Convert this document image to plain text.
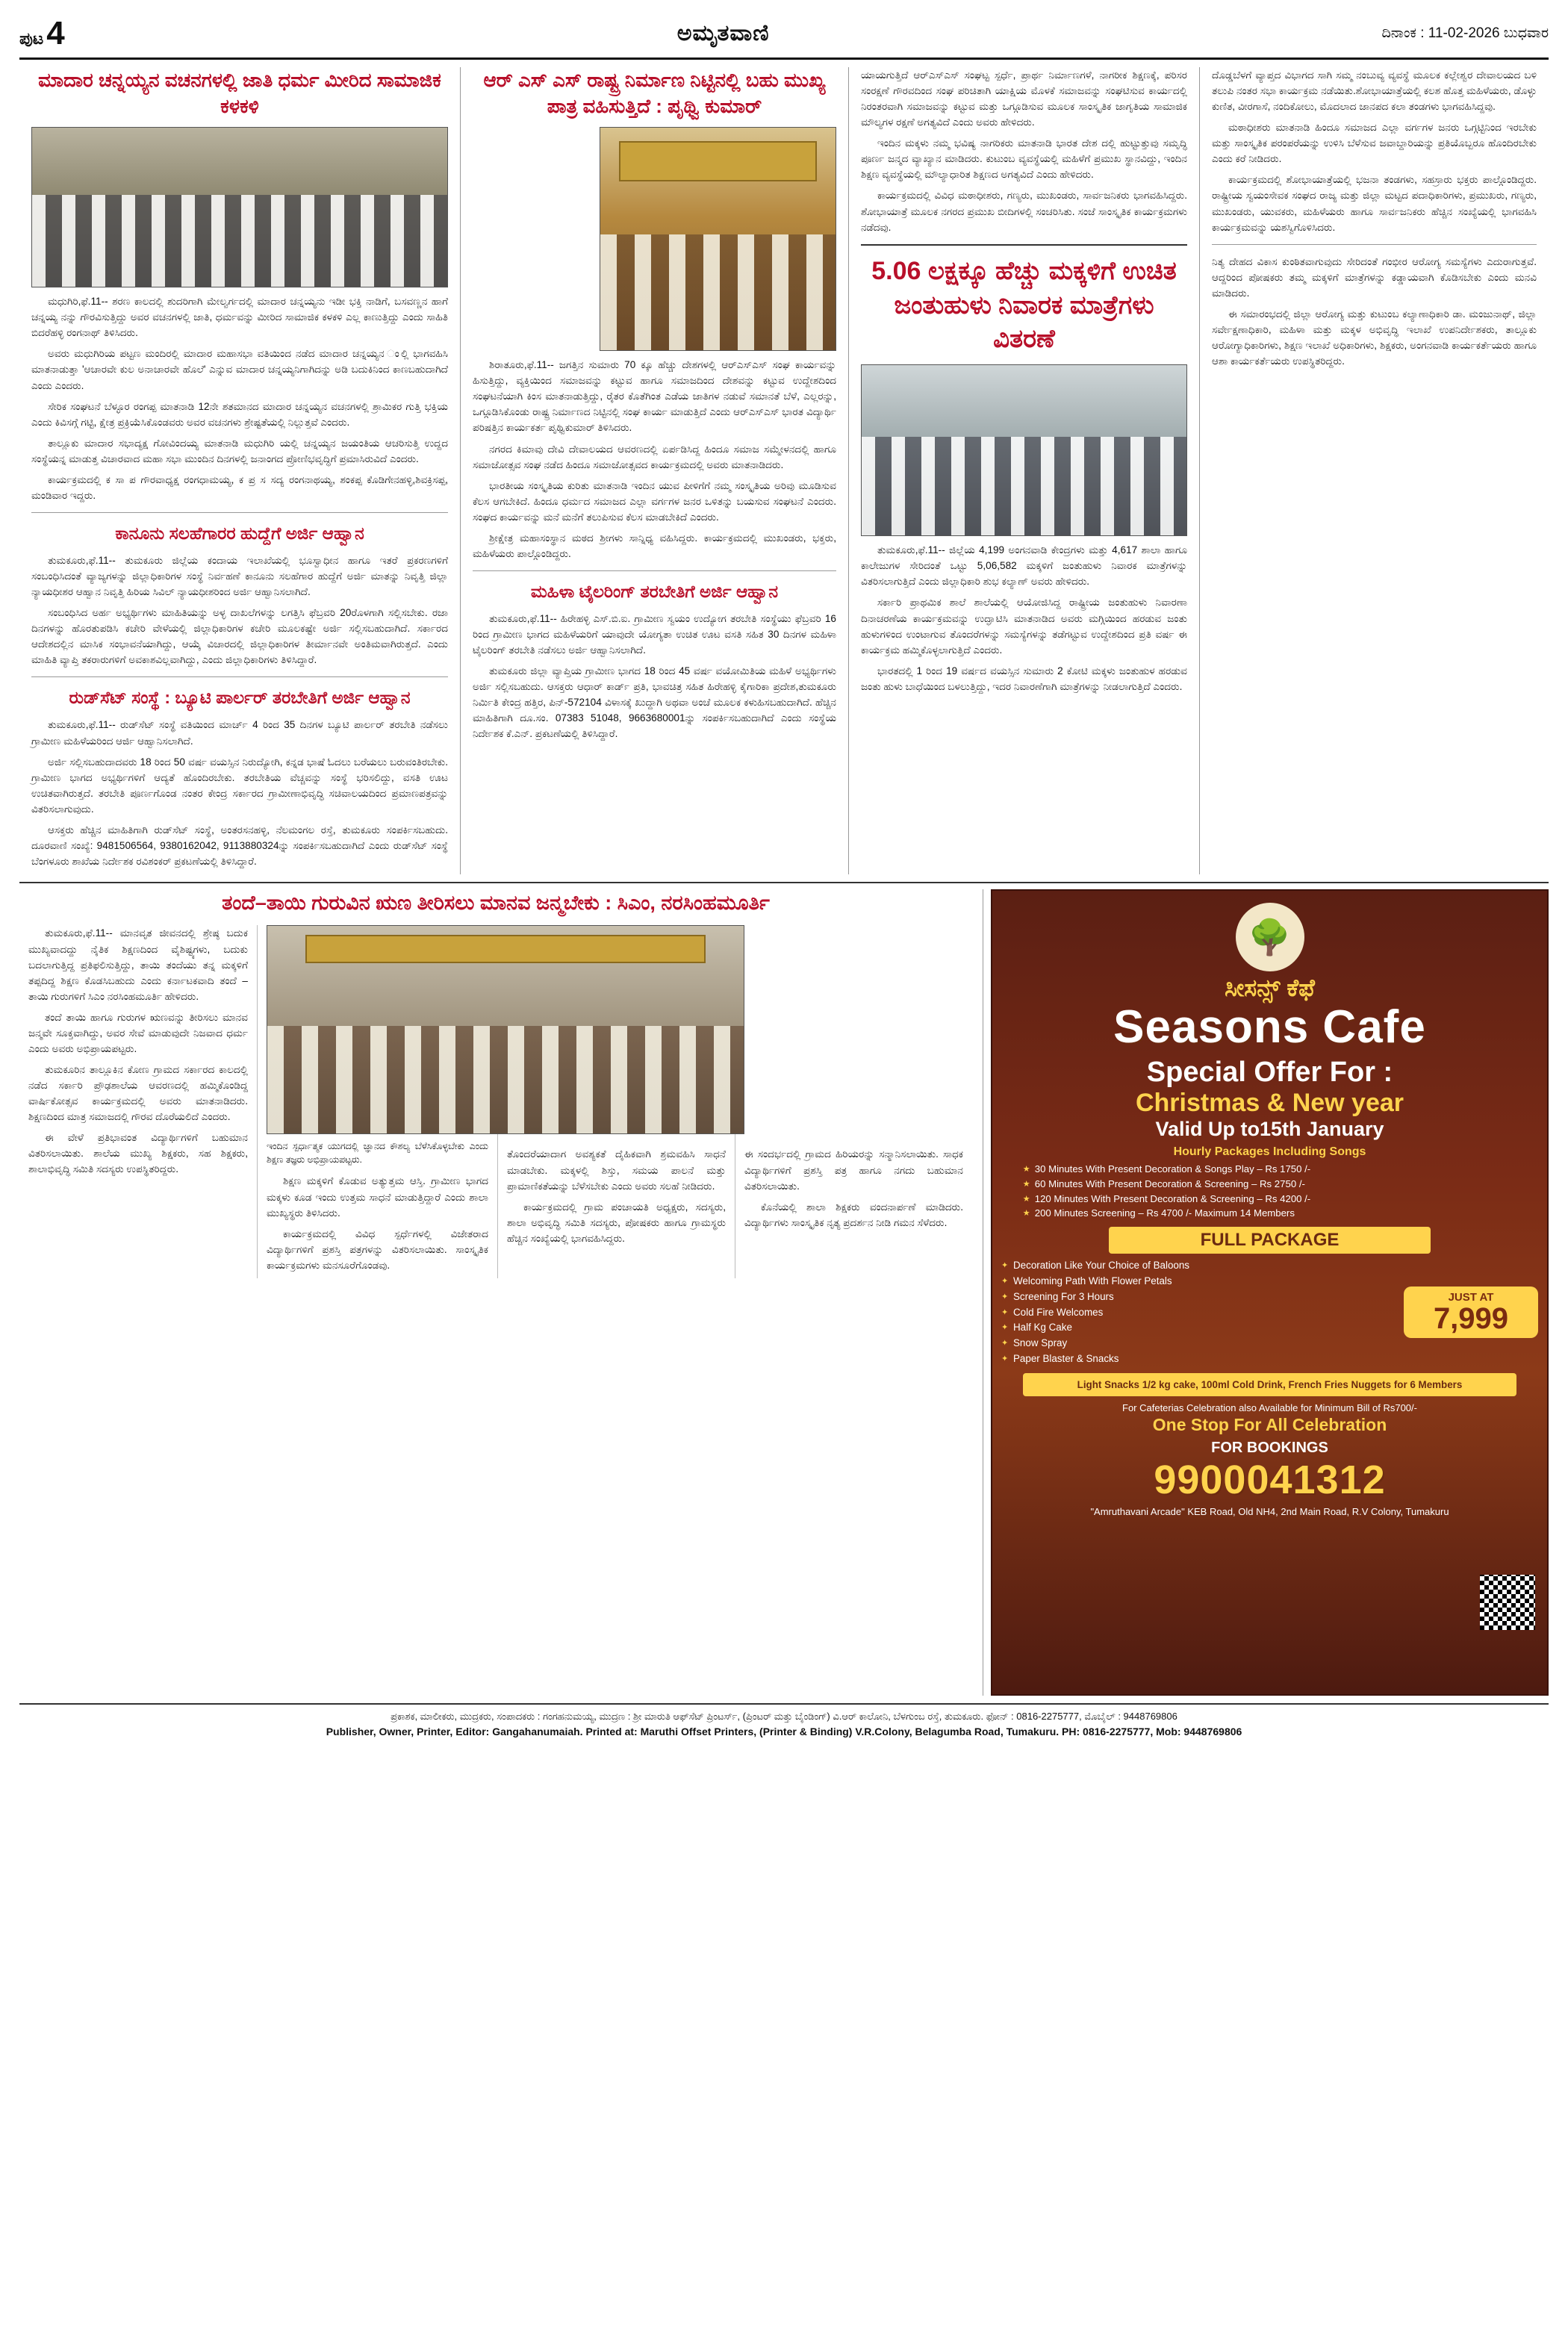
ಪುಟ 4	ಅಮೃತವಾಣಿ	ದಿನಾಂಕ : 11-02-2026 ಬುಧವಾರ
ಮಾದಾರ ಚನ್ನಯ್ಯನ ವಚನಗಳಲ್ಲಿ ಜಾತಿ ಧರ್ಮ ಮೀರಿದ ಸಾಮಾಜಿಕ ಕಳಕಳಿ

ಮಧುಗಿರಿ,ಫೆ.11-- ಶರಣ ಕಾಲದಲ್ಲಿ ಶುದರಿಗಾಗಿ ಮೇಲ್ವರ್ಗದಲ್ಲಿ ಮಾದಾರ ಚನ್ನಯ್ಯನು ಇಡೀ ಭಕ್ತಿ ನಾಡಿಗೆ, ಬಸವಣ್ಣನ ಹಾಗೆ ಚನ್ನಯ್ಯ ನನ್ನು ಗೌರವಿಸುತ್ತಿದ್ದು ಅವರ ವಚನಗಳಲ್ಲಿ ಜಾತಿ, ಧರ್ಮವನ್ನು ಮೀರಿದ ಸಾಮಾಜಿಕ ಕಳಕಳಿ ಎಲ್ಲ ಕಾಣುತ್ತಿದ್ದು ಎಂದು ಸಾಹಿತಿ ಬಿದರೆಹಳ್ಳಿ ರಂಗನಾಥ್ ತಿಳಿಸಿದರು.

ಅವರು ಮಧುಗಿರಿಯ ಪಟ್ಟಣ ಮಂದಿರಲ್ಲಿ ಮಾದಾರ ಮಹಾಸಭಾ ವತಿಯಿಂದ ನಡೆದ ಮಾದಾರ ಚನ್ನಯ್ಯನ ಂಲ್ಲಿ ಭಾಗವಹಿಸಿ ಮಾತನಾಡುತ್ತಾ 'ಆಚಾರವೇ ಕುಲ ಅನಾಚಾರವೇ ಹೊಲೆ' ಎನ್ನುವ ಮಾದಾರ ಚನ್ನಯ್ಯನಿಗಾಗಿದನ್ನು ಅಡಿ ಬದುಕಿನಿಂದ ಕಾಣಬಹುದಾಗಿದೆ ಎಂದು ಎಂದರು.

ಸೇರಿಕ ಸಂಘಟನೆ ಬೆಳ್ಳೂರ ರಂಗಪ್ಪ ಮಾತನಾಡಿ 12ನೇ ಶತಮಾನದ ಮಾದಾರ ಚನ್ನಯ್ಯನ ವಚನಗಳಲ್ಲಿ ಶ್ರಾಮಿಕರ ಗುತ್ತಿ ಭಕ್ತಿಯ ಎಂದು ಕಿವಿಸಗ್ಗೆ ಗಟ್ಟಿ, ಕ್ಷೇತ್ರ ಪ್ರಕ್ರಿಯೆಸಿಕೊಂಡವರು ಅವರ ವಚನಗಳು ಶ್ರೇಷ್ಟತೆಯಲ್ಲಿ ನಿಲ್ಲುತ್ತವೆ ಎಂದರು.

ತಾಲ್ಲೂಕು ಮಾದಾರ ಸಭಾದ್ಯಕ್ಷ ಗೋವಿಂದಯ್ಯ ಮಾತನಾಡಿ ಮಧುಗಿರಿ ಯಲ್ಲಿ ಚನ್ನಯ್ಯನ ಜಯಂತಿಯ ಆಚರಿಸುತ್ತಿ ಉದ್ದದ ಸಂಸ್ಥೆಯನ್ನ ಮಾಡುತ್ತ ವಿಚಾರವಾದ ಮಹಾ ಸಭಾ ಮುಂದಿನ ದಿನಗಳಲ್ಲಿ ಜನಾಂಗದ ಪ್ರೋಣಿಭವೃದ್ಧಿಗೆ ಪ್ರಮಾಸಿರುವಿದೆ ಎಂದರು.

ಕಾರ್ಯಕ್ರಮದಲ್ಲಿ ಕ ಸಾ ಪ ಗೌರವಾಧ್ಯಕ್ಷ ರಂಗಧಾಮಯ್ಯ, ಕ ಪ್ರ ಸ ಸದ್ಯ ರಂಗನಾಥಯ್ಯ, ಶಂಕಪ್ಪ ಕೊಡಿಗೇನಹಳ್ಳಿ,ಶಿವಕ್ರಿಸಪ್ಪ, ಮಂಡಿವಾರ ಇದ್ದರು.

ಕಾನೂನು ಸಲಹೆಗಾರರ ಹುದ್ದೆಗೆ ಅರ್ಜಿ ಆಹ್ವಾನ

ತುಮಕೂರು,ಫೆ.11-- ತುಮಕೂರು ಜಿಲ್ಲೆಯ ಕಂದಾಯ ಇಲಾಖೆಯಲ್ಲಿ ಭೂಸ್ವಾಧೀನ ಹಾಗೂ ಇತರೆ ಪ್ರಕರಣಗಳಿಗೆ ಸಂಬಂಧಿಸಿದಂತೆ ವ್ಯಾಜ್ಯಗಳನ್ನು ಜಿಲ್ಲಾಧಿಕಾರಿಗಳ ಸಂಸ್ಥೆ ನಿರ್ವಹಣೆ ಕಾನೂನು ಸಲಹೆಗಾರ ಹುದ್ದೆಗೆ ಅರ್ಜಿ ಮಾತನ್ನು ನಿವೃತ್ತಿ ಜಿಲ್ಲಾ ನ್ಯಾಯಧೀಶರ ಆಹ್ವಾನ ನಿವೃತ್ತಿ ಹಿರಿಯ ಸಿವಿಲ್ ನ್ಯಾಯಧೀಶರಿಂದ ಅರ್ಜಿ ಆಹ್ವಾನಿಸಲಾಗಿದೆ.

ಸಂಬಂಧಿಸಿದ ಅರ್ಹ ಅಭ್ಯರ್ಥಿಗಳು ಮಾಹಿತಿಯನ್ನು ಅಳ್ಳ ದಾಖಲೆಗಳನ್ನು ಲಗತ್ತಿಸಿ ಫೆಬ್ರವರಿ 20ರೊಳಗಾಗಿ ಸಲ್ಲಿಸಬೇಕು. ರಜಾ ದಿನಗಳನ್ನು ಹೊರತುಪಡಿಸಿ ಕಚೇರಿ ವೇಳೆಯಲ್ಲಿ ಜಿಲ್ಲಾಧಿಕಾರಿಗಳ ಕಚೇರಿ ಮೂಲಕಷ್ಟೇ ಅರ್ಜಿ ಸಲ್ಲಿಸಬಹುದಾಗಿದೆ. ಸರ್ಕಾರದ ಆದೇಶದಲ್ಲಿನ ಮಾಸಿಕ ಸಂಭಾವನೆಯಾಗಿದ್ದು, ಆಯ್ಕೆ ವಿಚಾರದಲ್ಲಿ ಜಿಲ್ಲಾಧಿಕಾರಿಗಳ ತೀರ್ಮಾನವೇ ಅಂತಿಮವಾಗಿರುತ್ತದೆ. ಎಂದು ಮಾಹಿತಿ ವ್ಯಾಪ್ತಿ ತಕರಾರುಗಳಿಗೆ ಅವಕಾಶವಿಲ್ಲವಾಗಿದ್ದು, ಎಂದು ಜಿಲ್ಲಾಧಿಕಾರಿಗಳು ತಿಳಿಸಿದ್ದಾರೆ.

ರುಡ್‌ಸೆಟ್ ಸಂಸ್ಥೆ : ಬ್ಯೂಟಿ ಪಾರ್ಲರ್ ತರಬೇತಿಗೆ ಅರ್ಜಿ ಆಹ್ವಾನ

ತುಮಕೂರು,ಫೆ.11-- ರುಡ್‌ಸೆಟ್ ಸಂಸ್ಥೆ ವತಿಯಿಂದ ಮಾರ್ಚ್ 4 ರಿಂದ 35 ದಿನಗಳ ಬ್ಯೂಟಿ ಪಾರ್ಲರ್ ತರಬೇತಿ ನಡೆಸಲು ಗ್ರಾಮೀಣ ಮಹಿಳೆಯರಿಂದ ಆರ್ಜಿ ಆಹ್ವಾನಿಸಲಾಗಿದೆ.

ಅರ್ಜಿ ಸಲ್ಲಿಸಬಹುದಾದವರು 18 ರಿಂದ 50 ವರ್ಷ ವಯಸ್ಸಿನ ನಿರುದ್ಯೋಗಿ, ಕನ್ನಡ ಭಾಷೆ ಓದಲು ಬರೆಯಲು ಬರುವಂತಿರಬೇಕು. ಗ್ರಾಮೀಣ ಭಾಗದ ಅಭ್ಯರ್ಥಿಗಳಿಗೆ ಆದ್ಯತೆ ಹೊಂದಿರಬೇಕು. ತರಬೇತಿಯ ವೆಚ್ಚವನ್ನು ಸಂಸ್ಥೆ ಭರಿಸಲಿದ್ದು, ವಸತಿ ಊಟ ಉಚಿತವಾಗಿರುತ್ತದೆ. ತರಬೇತಿ ಪೂರ್ಣಗೊಂಡ ನಂತರ ಕೇಂದ್ರ ಸರ್ಕಾರದ ಗ್ರಾಮೀಣಾಭಿವೃದ್ಧಿ ಸಚಿವಾಲಯದಿಂದ ಪ್ರಮಾಣಪತ್ರವನ್ನು ವಿತರಿಸಲಾಗುವುದು.

ಆಸಕ್ತರು ಹೆಚ್ಚಿನ ಮಾಹಿತಿಗಾಗಿ ರುಡ್‌ಸೆಟ್ ಸಂಸ್ಥೆ, ಅಂತರಸನಹಳ್ಳಿ, ನೆಲಮಂಗಲ ರಸ್ತೆ, ತುಮಕೂರು ಸಂಪರ್ಕಿಸಬಹುದು. ದೂರವಾಣಿ ಸಂಖ್ಯೆ: 9481506564, 9380162042, 9113880324ನ್ನು ಸಂಪರ್ಕಿಸಬಹುದಾಗಿದೆ ಎಂದು ರುಡ್‌ಸೆಟ್ ಸಂಸ್ಥೆ ಬೆಂಗಳೂರು ಶಾಖೆಯ ನಿರ್ದೇಶಕ ರವಿಶಂಕರ್ ಪ್ರಕಟಣೆಯಲ್ಲಿ ತಿಳಿಸಿದ್ದಾರೆ.

ಆರ್ ಎಸ್ ಎಸ್ ರಾಷ್ಟ್ರ ನಿರ್ಮಾಣ ನಿಟ್ಟಿನಲ್ಲಿ ಬಹು ಮುಖ್ಯ ಪಾತ್ರ ವಹಿಸುತ್ತಿದೆ : ಪೃಥ್ವಿ ಕುಮಾರ್

ಶಿರಾತೂರು,ಫೆ.11-- ಜಗತ್ತಿನ ಸುಮಾರು 70 ಕ್ಕೂ ಹೆಚ್ಚು ದೇಶಗಳಲ್ಲಿ ಆರ್‌ಎಸ್‌ಎಸ್ ಸಂಘ ಕಾರ್ಯವನ್ನು ಹಿಸುತ್ತಿದ್ದು, ವ್ಯಕ್ತಿಯಿಂದ ಸಮಾಜವನ್ನು ಕಟ್ಟುವ ಹಾಗೂ ಸಮಾಜದಿಂದ ದೇಶವನ್ನು ಕಟ್ಟುವ ಉದ್ದೇಶದಿಂದ ಸಂಘಟನೆಯಾಗಿ ಕಿಂಸ ಮಾತನಾಡುತ್ತಿದ್ದು, ರೈತರ ಕೊತೆಗಿಂತ ಎಡೆಯ ಜಾತಿಗಳ ನಡುವೆ ಸಮಾನತೆ ಬೆಳೆ, ಎಲ್ಲರನ್ನು, ಒಗ್ಗೂಡಿಸಿಕೊಂಡು ರಾಷ್ಟ್ರ ನಿರ್ಮಾಣದ ನಿಟ್ಟಿನಲ್ಲಿ ಸಂಘ ಕಾರ್ಯ ಮಾಡುತ್ತಿದೆ ಎಂದು ಆರ್‌ಎಸ್‌ಎಸ್ ಭಾರತ ವಿದ್ಯಾರ್ಥಿ ಪರಿಷತ್ತಿನ ಕಾರ್ಯಕರ್ತ ಪೃಥ್ವಿಕುಮಾರ್ ತಿಳಿಸಿದರು.

ನಗರದ ಕಿಮಾವು ದೇವಿ ದೇವಾಲಯದ ಆವರಣದಲ್ಲಿ ಏರ್ಪಡಿಸಿದ್ದ ಹಿಂದೂ ಸಮಾಜ ಸಮ್ಮೇಳನದಲ್ಲಿ ಹಾಗೂ ಸಮಾಜೋತ್ಸವ ಸಂಘ ನಡೆದ ಹಿಂದೂ ಸಮಾಜೋತ್ಸವದ ಕಾರ್ಯಕ್ರಮದಲ್ಲಿ ಅವರು ಮಾತನಾಡಿದರು.

ಭಾರತೀಯ ಸಂಸ್ಕೃತಿಯ ಕುರಿತು ಮಾತನಾಡಿ ಇಂದಿನ ಯುವ ಪೀಳಿಗೆಗೆ ನಮ್ಮ ಸಂಸ್ಕೃತಿಯ ಅರಿವು ಮೂಡಿಸುವ ಕೆಲಸ ಆಗಬೇಕಿದೆ. ಹಿಂದೂ ಧರ್ಮದ ಸಮಾಜದ ಎಲ್ಲಾ ವರ್ಗಗಳ ಜನರ ಒಳಿತನ್ನು ಬಯಸುವ ಸಂಘಟನೆ ಎಂದರು. ಸಂಘದ ಕಾರ್ಯವನ್ನು ಮನೆ ಮನೆಗೆ ತಲುಪಿಸುವ ಕೆಲಸ ಮಾಡಬೇಕಿದೆ ಎಂದರು.

ಶ್ರೀಕ್ಷೇತ್ರ ಮಹಾಸಂಸ್ಥಾನ ಮಠದ ಶ್ರೀಗಳು ಸಾನ್ನಿಧ್ಯ ವಹಿಸಿದ್ದರು. ಕಾರ್ಯಕ್ರಮದಲ್ಲಿ ಮುಖಂಡರು, ಭಕ್ತರು, ಮಹಿಳೆಯರು ಪಾಲ್ಗೊಂಡಿದ್ದರು.

ಮಹಿಳಾ ಟೈಲರಿಂಗ್ ತರಬೇತಿಗೆ ಅರ್ಜಿ ಆಹ್ವಾನ

ತುಮಕೂರು,ಫೆ.11-- ಹಿರೇಹಳ್ಳಿ ಎಸ್.ಬಿ.ಐ. ಗ್ರಾಮೀಣ ಸ್ವಯಂ ಉದ್ಯೋಗ ತರಬೇತಿ ಸಂಸ್ಥೆಯು ಫೆಬ್ರವರಿ 16 ರಿಂದ ಗ್ರಾಮೀಣ ಭಾಗದ ಮಹಿಳೆಯರಿಗೆ ಯಾವುದೇ ಯೋಗ್ಯತಾ ಉಚಿತ ಊಟ ವಸತಿ ಸಹಿತ 30 ದಿನಗಳ ಮಹಿಳಾ ಟೈಲರಿಂಗ್ ತರಬೇತಿ ನಡೆಸಲು ಅರ್ಜಿ ಆಹ್ವಾನಿಸಲಾಗಿದೆ.

ತುಮಕೂರು ಜಿಲ್ಲಾ ವ್ಯಾಪ್ತಿಯ ಗ್ರಾಮೀಣ ಭಾಗದ 18 ರಿಂದ 45 ವರ್ಷ ವಯೋಮಿತಿಯ ಮಹಿಳೆ ಅಭ್ಯರ್ಥಿಗಳು ಅರ್ಜಿ ಸಲ್ಲಿಸಬಹುದು. ಆಸಕ್ತರು ಆಧಾರ್ ಕಾರ್ಡ್ ಪ್ರತಿ, ಭಾವಚಿತ್ರ ಸಹಿತ ಹಿರೇಹಳ್ಳಿ ಕೈಗಾರಿಕಾ ಪ್ರದೇಶ,ತುಮಕೂರು ನಿರ್ಮಿತಿ ಕೇಂದ್ರ ಹತ್ತಿರ, ಪಿನ್-572104 ವಿಳಾಸಕ್ಕೆ ಖುದ್ದಾಗಿ ಅಥವಾ ಅಂಚೆ ಮೂಲಕ ಕಳುಹಿಸಬಹುದಾಗಿದೆ. ಹೆಚ್ಚಿನ ಮಾಹಿತಿಗಾಗಿ ದೂ.ಸಂ. 07383 51048, 9663680001ನ್ನು ಸಂಪರ್ಕಿಸಬಹುದಾಗಿದೆ ಎಂದು ಸಂಸ್ಥೆಯ ನಿರ್ದೇಶಕ ಕೆ.ಎನ್. ಪ್ರಕಟಣೆಯಲ್ಲಿ ತಿಳಿಸಿದ್ದಾರೆ.

ಯಾಯಗುತ್ತಿದೆ ಆರ್‌ಎಸ್‌ಎಸ್ ಸಂಘಟ್ಟ ಸ್ಪರ್ಧೆ, ಪ್ರಾರ್ಥ ನಿರ್ಮಾಣಗಳೆ, ನಾಗರೀಕ ಶಿಕ್ಷಣಕ್ಕೆ, ಪರಿಸರ ಸಂರಕ್ಷಣೆ ಗೌರವದಿಂದ ಸಂಘ ಪರಿಚಿತಾಗಿ ಯಾಕ್ಷಿಯ ಮೊಳಕೆ ಸಮಾಜವನ್ನು ಸಂಘಟಿಸುವ ಕಾರ್ಯದಲ್ಲಿ ನಿರಂತರವಾಗಿ ಸಮಾಜವನ್ನು ಕಟ್ಟುವ ಮತ್ತು ಒಗ್ಗೂಡಿಸುವ ಮೂಲಕ ಸಾಂಸ್ಕೃತಿಕ ಜಾಗೃತಿಯ ಸಾಮಾಜಿಕ ಮೌಲ್ಯಗಳ ರಕ್ಷಣೆ ಅಗತ್ಯವಿದೆ ಎಂದು ಅವರು ಹೇಳಿದರು.

ಇಂದಿನ ಮಕ್ಕಳು ನಮ್ಮ ಭವಿಷ್ಯ ನಾಗರಿಕರು ಮಾತನಾಡಿ ಭಾರತ ದೇಶ ದಲ್ಲಿ ಹುಟ್ಟುತ್ತುವು ಸಮೃದ್ಧಿ ಪೂರ್ಣ ಜನ್ಮದ ವ್ಯಾಖ್ಯಾನ ಮಾಡಿದರು. ಕುಟುಂಬ ವ್ಯವಸ್ಥೆಯಲ್ಲಿ ಮಹಿಳೆಗೆ ಪ್ರಮುಖ ಸ್ಥಾನವಿದ್ದು, ಇಂದಿನ ಶಿಕ್ಷಣ ವ್ಯವಸ್ಥೆಯಲ್ಲಿ ಮೌಲ್ಯಾಧಾರಿತ ಶಿಕ್ಷಣದ ಅಗತ್ಯವಿದೆ ಎಂದು ಹೇಳಿದರು.

ಕಾರ್ಯಕ್ರಮದಲ್ಲಿ ವಿವಿಧ ಮಠಾಧೀಶರು, ಗಣ್ಯರು, ಮುಖಂಡರು, ಸಾರ್ವಜನಿಕರು ಭಾಗವಹಿಸಿದ್ದರು. ಶೋಭಾಯಾತ್ರೆ ಮೂಲಕ ನಗರದ ಪ್ರಮುಖ ಬೀದಿಗಳಲ್ಲಿ ಸಂಚರಿಸಿತು. ಸಂಜೆ ಸಾಂಸ್ಕೃತಿಕ ಕಾರ್ಯಕ್ರಮಗಳು ನಡೆದವು.

5.06 ಲಕ್ಷಕ್ಕೂ ಹೆಚ್ಚು ಮಕ್ಕಳಿಗೆ ಉಚಿತ ಜಂತುಹುಳು ನಿವಾರಕ ಮಾತ್ರೆಗಳು ವಿತರಣೆ

ತುಮಕೂರು,ಫೆ.11-- ಜಿಲ್ಲೆಯ 4,199 ಅಂಗನವಾಡಿ ಕೇಂದ್ರಗಳು ಮತ್ತು 4,617 ಶಾಲಾ ಹಾಗೂ ಕಾಲೇಜುಗಳ ಸೇರಿದಂತೆ ಒಟ್ಟು 5,06,582 ಮಕ್ಕಳಿಗೆ ಜಂತುಹುಳು ನಿವಾರಕ ಮಾತ್ರೆಗಳನ್ನು ವಿತರಿಸಲಾಗುತ್ತಿದೆ ಎಂದು ಜಿಲ್ಲಾಧಿಕಾರಿ ಶುಭ ಕಲ್ಯಾಣ್ ಅವರು ಹೇಳಿದರು.

ಸರ್ಕಾರಿ ಪ್ರಾಥಮಿಕ ಶಾಲೆ ಶಾಲೆಯಲ್ಲಿ ಆಯೋಜಿಸಿದ್ದ ರಾಷ್ಟ್ರೀಯ ಜಂತುಹುಳು ನಿವಾರಣಾ ದಿನಾಚರಣೆಯ ಕಾರ್ಯಕ್ರಮವನ್ನು ಉದ್ಘಾಟಿಸಿ ಮಾತನಾಡಿದ ಅವರು ಮಗ್ಗಿಯಿಂದ ಹರಡುವ ಜಂತು ಹುಳುಗಳಿಂದ ಉಂಟಾಗುವ ತೊಂದರೆಗಳನ್ನು ಸಮಸ್ಯೆಗಳನ್ನು ತಡೆಗಟ್ಟುವ ಉದ್ದೇಶದಿಂದ ಪ್ರತಿ ವರ್ಷ ಈ ಕಾರ್ಯಕ್ರಮ ಹಮ್ಮಿಕೊಳ್ಳಲಾಗುತ್ತಿದೆ ಎಂದರು.

ಭಾರತದಲ್ಲಿ 1 ರಿಂದ 19 ವರ್ಷದ ವಯಸ್ಸಿನ ಸುಮಾರು 2 ಕೋಟಿ ಮಕ್ಕಳು ಜಂತುಹುಳ ಹರಡುವ ಜಂತು ಹುಳು ಬಾಧೆಯಿಂದ ಬಳಲುತ್ತಿದ್ದು, ಇದರ ನಿವಾರಣೆಗಾಗಿ ಮಾತ್ರೆಗಳನ್ನು ನೀಡಲಾಗುತ್ತಿದೆ ಎಂದರು.

ದೊಡ್ಡಬೆಳಗೆ ವ್ಯಾಪ್ತದ ವಿಭಾಗದ ಸಾಗಿ ಸಮ್ಮ ನಂಬುವ್ಯ ವ್ಯವಸ್ಥೆ ಮೂಲಕ ಕಲ್ಲೇಶ್ವರ ದೇವಾಲಯದ ಬಳಿ ತಲುಪಿ ನಂತರ ಸಭಾ ಕಾರ್ಯಕ್ರಮ ನಡೆಯಿತು.ಶೋಭಾಯಾತ್ರೆಯಲ್ಲಿ ಕಲಶ ಹೊತ್ತ ಮಹಿಳೆಯರು, ಡೊಳ್ಳು ಕುಣಿತ, ವೀರಗಾಸೆ, ನಂದಿಕೋಲು, ಮೊದಲಾದ ಜಾನಪದ ಕಲಾ ತಂಡಗಳು ಭಾಗವಹಿಸಿದ್ದವು.

ಮಠಾಧೀಶರು ಮಾತನಾಡಿ ಹಿಂದೂ ಸಮಾಜದ ಎಲ್ಲಾ ವರ್ಗಗಳ ಜನರು ಒಗ್ಗಟ್ಟಿನಿಂದ ಇರಬೇಕು ಮತ್ತು ಸಾಂಸ್ಕೃತಿಕ ಪರಂಪರೆಯನ್ನು ಉಳಿಸಿ ಬೆಳೆಸುವ ಜವಾಬ್ದಾರಿಯನ್ನು ಪ್ರತಿಯೊಬ್ಬರೂ ಹೊಂದಿರಬೇಕು ಎಂದು ಕರೆ ನೀಡಿದರು.

ಕಾರ್ಯಕ್ರಮದಲ್ಲಿ ಶೋಭಾಯಾತ್ರೆಯಲ್ಲಿ ಭಜನಾ ತಂಡಗಳು, ಸಹಸ್ರಾರು ಭಕ್ತರು ಪಾಲ್ಗೊಂಡಿದ್ದರು. ರಾಷ್ಟ್ರೀಯ ಸ್ವಯಂಸೇವಕ ಸಂಘದ ರಾಜ್ಯ ಮತ್ತು ಜಿಲ್ಲಾ ಮಟ್ಟದ ಪದಾಧಿಕಾರಿಗಳು, ಪ್ರಮುಖರು, ಗಣ್ಯರು, ಮುಖಂಡರು, ಯುವಕರು, ಮಹಿಳೆಯರು ಹಾಗೂ ಸಾರ್ವಜನಿಕರು ಹೆಚ್ಚಿನ ಸಂಖ್ಯೆಯಲ್ಲಿ ಭಾಗವಹಿಸಿ ಕಾರ್ಯಕ್ರಮವನ್ನು ಯಶಸ್ವಿಗೊಳಿಸಿದರು.

ನಿತ್ಯ ದೇಹದ ವಿಕಾಸ ಕುಂಠಿತವಾಗುವುದು ಸೇರಿದಂತೆ ಗಂಭೀರ ಆರೋಗ್ಯ ಸಮಸ್ಯೆಗಳು ಎದುರಾಗುತ್ತವೆ. ಆದ್ದರಿಂದ ಪೋಷಕರು ತಮ್ಮ ಮಕ್ಕಳಿಗೆ ಮಾತ್ರೆಗಳನ್ನು ಕಡ್ಡಾಯವಾಗಿ ಕೊಡಿಸಬೇಕು ಎಂದು ಮನವಿ ಮಾಡಿದರು.

ಈ ಸಮಾರಂಭದಲ್ಲಿ ಜಿಲ್ಲಾ ಆರೋಗ್ಯ ಮತ್ತು ಕುಟುಂಬ ಕಲ್ಯಾಣಾಧಿಕಾರಿ ಡಾ. ಮಂಜುನಾಥ್, ಜಿಲ್ಲಾ ಸರ್ವೇಕ್ಷಣಾಧಿಕಾರಿ, ಮಹಿಳಾ ಮತ್ತು ಮಕ್ಕಳ ಅಭಿವೃದ್ಧಿ ಇಲಾಖೆ ಉಪನಿರ್ದೇಶಕರು, ತಾಲ್ಲೂಕು ಆರೋಗ್ಯಾಧಿಕಾರಿಗಳು, ಶಿಕ್ಷಣ ಇಲಾಖೆ ಅಧಿಕಾರಿಗಳು, ಶಿಕ್ಷಕರು, ಅಂಗನವಾಡಿ ಕಾರ್ಯಕರ್ತೆಯರು ಹಾಗೂ ಆಶಾ ಕಾರ್ಯಕರ್ತೆಯರು ಉಪಸ್ಥಿತರಿದ್ದರು.

ತಂದೆ–ತಾಯಿ ಗುರುವಿನ ಋಣ ತೀರಿಸಲು ಮಾನವ ಜನ್ಮಬೇಕು : ಸಿಎಂ, ನರಸಿಂಹಮೂರ್ತಿ

ತುಮಕೂರು,ಫೆ.11-- ಮಾನವೃತ ಜೀವನದಲ್ಲಿ ಶ್ರೇಷ್ಠ ಬದುಕ ಮುಖ್ಯವಾದದ್ದು ನೈತಿಕ ಶಿಕ್ಷಣದಿಂದ ವೈಶಿಷ್ಟ್ಯಗಳು, ಬದುಕು ಬದಲಾಗುತ್ತಿದ್ದ ಪ್ರತಿಫಲಿಸುತ್ತಿದ್ದು, ತಾಯಿ ತಂದೆಯು ತನ್ನ ಮಕ್ಕಳಿಗೆ ತಪ್ಪದಿದ್ದ ಶಿಕ್ಷಣ ಕೊಡಸಿಬಹುದು ಎಂದು ಕರ್ನಾಟಕವಾದಿ ತಂದೆ – ತಾಯಿ ಗುರುಗಳಿಗೆ ಸಿಎಂ ನರಸಿಂಹಮೂರ್ತಿ ಹೇಳಿದರು.

ತಂದೆ ತಾಯಿ ಹಾಗೂ ಗುರುಗಳ ಋಣವನ್ನು ತೀರಿಸಲು ಮಾನವ ಜನ್ಮವೇ ಸೂಕ್ತವಾಗಿದ್ದು, ಅವರ ಸೇವೆ ಮಾಡುವುದೇ ನಿಜವಾದ ಧರ್ಮ ಎಂದು ಅವರು ಅಭಿಪ್ರಾಯಪಟ್ಟರು.

ತುಮಕೂರಿನ ತಾಲ್ಲೂಕಿನ ಕೋಣ ಗ್ರಾಮದ ಸರ್ಕಾರದ ಕಾಲದಲ್ಲಿ ನಡೆದ ಸರ್ಕಾರಿ ಪ್ರೌಢಶಾಲೆಯ ಆವರಣದಲ್ಲಿ ಹಮ್ಮಿಕೊಂಡಿದ್ದ ವಾರ್ಷಿಕೋತ್ಸವ ಕಾರ್ಯಕ್ರಮದಲ್ಲಿ ಅವರು ಮಾತನಾಡಿದರು. ಶಿಕ್ಷಣದಿಂದ ಮಾತ್ರ ಸಮಾಜದಲ್ಲಿ ಗೌರವ ದೊರೆಯಲಿದೆ ಎಂದರು.

ಈ ವೇಳೆ ಪ್ರತಿಭಾವಂತ ವಿದ್ಯಾರ್ಥಿಗಳಿಗೆ ಬಹುಮಾನ ವಿತರಿಸಲಾಯಿತು. ಶಾಲೆಯ ಮುಖ್ಯ ಶಿಕ್ಷಕರು, ಸಹ ಶಿಕ್ಷಕರು, ಶಾಲಾಭಿವೃದ್ಧಿ ಸಮಿತಿ ಸದಸ್ಯರು ಉಪಸ್ಥಿತರಿದ್ದರು.

ಇಂದಿನ ಸ್ಪರ್ಧಾತ್ಮಕ ಯುಗದಲ್ಲಿ ಜ್ಞಾನದ ಕೌಶಲ್ಯ ಬೆಳೆಸಿಕೊಳ್ಳಬೇಕು ಎಂದು ಶಿಕ್ಷಣ ತಜ್ಞರು ಅಭಿಪ್ರಾಯಪಟ್ಟರು.

ಶಿಕ್ಷಣ ಮಕ್ಕಳಿಗೆ ಕೊಡುವ ಅತ್ಯುತ್ತಮ ಆಸ್ತಿ. ಗ್ರಾಮೀಣ ಭಾಗದ ಮಕ್ಕಳು ಕೂಡ ಇಂದು ಉತ್ತಮ ಸಾಧನೆ ಮಾಡುತ್ತಿದ್ದಾರೆ ಎಂದು ಶಾಲಾ ಮುಖ್ಯಸ್ಥರು ತಿಳಿಸಿದರು.

ಕಾರ್ಯಕ್ರಮದಲ್ಲಿ ವಿವಿಧ ಸ್ಪರ್ಧೆಗಳಲ್ಲಿ ವಿಜೇತರಾದ ವಿದ್ಯಾರ್ಥಿಗಳಿಗೆ ಪ್ರಶಸ್ತಿ ಪತ್ರಗಳನ್ನು ವಿತರಿಸಲಾಯಿತು. ಸಾಂಸ್ಕೃತಿಕ ಕಾರ್ಯಕ್ರಮಗಳು ಮನಸೂರೆಗೊಂಡವು.

ತೊಂದರೆಯಾದಾಗ ಅವಶ್ಯಕತೆ ದೈಹಿಕವಾಗಿ ಶ್ರಮವಹಿಸಿ ಸಾಧನೆ ಮಾಡಬೇಕು. ಮಕ್ಕಳಲ್ಲಿ ಶಿಸ್ತು, ಸಮಯ ಪಾಲನೆ ಮತ್ತು ಪ್ರಾಮಾಣಿಕತೆಯನ್ನು ಬೆಳೆಸಬೇಕು ಎಂದು ಅವರು ಸಲಹೆ ನೀಡಿದರು.

ಕಾರ್ಯಕ್ರಮದಲ್ಲಿ ಗ್ರಾಮ ಪಂಚಾಯತಿ ಅಧ್ಯಕ್ಷರು, ಸದಸ್ಯರು, ಶಾಲಾ ಅಭಿವೃದ್ಧಿ ಸಮಿತಿ ಸದಸ್ಯರು, ಪೋಷಕರು ಹಾಗೂ ಗ್ರಾಮಸ್ಥರು ಹೆಚ್ಚಿನ ಸಂಖ್ಯೆಯಲ್ಲಿ ಭಾಗವಹಿಸಿದ್ದರು.

ಈ ಸಂದರ್ಭದಲ್ಲಿ ಗ್ರಾಮದ ಹಿರಿಯರನ್ನು ಸನ್ಮಾನಿಸಲಾಯಿತು. ಸಾಧಕ ವಿದ್ಯಾರ್ಥಿಗಳಿಗೆ ಪ್ರಶಸ್ತಿ ಪತ್ರ ಹಾಗೂ ನಗದು ಬಹುಮಾನ ವಿತರಿಸಲಾಯಿತು.

ಕೊನೆಯಲ್ಲಿ ಶಾಲಾ ಶಿಕ್ಷಕರು ವಂದನಾರ್ಪಣೆ ಮಾಡಿದರು. ವಿದ್ಯಾರ್ಥಿಗಳು ಸಾಂಸ್ಕೃತಿಕ ನೃತ್ಯ ಪ್ರದರ್ಶನ ನೀಡಿ ಗಮನ ಸೆಳೆದರು.

🌳
ಸೀಸನ್ಸ್ ಕೆಫೆ
Seasons Cafe
Special Offer For :
Christmas & New year
Valid Up to15th January
Hourly Packages Including Songs
★ 30 Minutes With Present Decoration & Songs Play – Rs 1750 /-
★ 60 Minutes With Present Decoration & Screening – Rs 2750 /-
★ 120 Minutes With Present Decoration & Screening – Rs 4200 /-
★ 200 Minutes Screening – Rs 4700 /- Maximum 14 Members
FULL PACKAGE
✦ Decoration Like Your Choice of Baloons
✦ Welcoming Path With Flower Petals
✦ Screening For 3 Hours
✦ Cold Fire Welcomes
✦ Half Kg Cake
✦ Snow Spray
✦ Paper Blaster & Snacks
JUST AT
7,999
Light Snacks 1/2 kg cake, 100ml Cold Drink, French Fries Nuggets for 6 Members
For Cafeterias Celebration also Available for Minimum Bill of Rs700/-
One Stop For All Celebration
FOR BOOKINGS
9900041312
"Amruthavani Arcade" KEB Road, Old NH4, 2nd Main Road, R.V Colony, Tumakuru
ಪ್ರಕಾಶಕ, ಮಾಲೀಕರು, ಮುದ್ರಕರು, ಸಂಪಾದಕರು : ಗಂಗಹನುಮಯ್ಯ, ಮುದ್ರಣ : ಶ್ರೀ ಮಾರುತಿ ಆಫ್‌ಸೆಟ್ ಪ್ರಿಂಟರ್ಸ್, (ಪ್ರಿಂಟರ್ ಮತ್ತು ಬೈಂಡಿಂಗ್) ವಿ.ಆರ್ ಕಾಲೋನಿ, ಬೆಳಗುಂಬ ರಸ್ತೆ, ತುಮಕೂರು. ಫೋನ್ : 0816-2275777, ಮೊಬೈಲ್ : 9448769806
Publisher, Owner, Printer, Editor: Gangahanumaiah. Printed at: Maruthi Offset Printers, (Printer & Binding) V.R.Colony, Belagumba Road, Tumakuru. PH: 0816-2275777, Mob: 9448769806
